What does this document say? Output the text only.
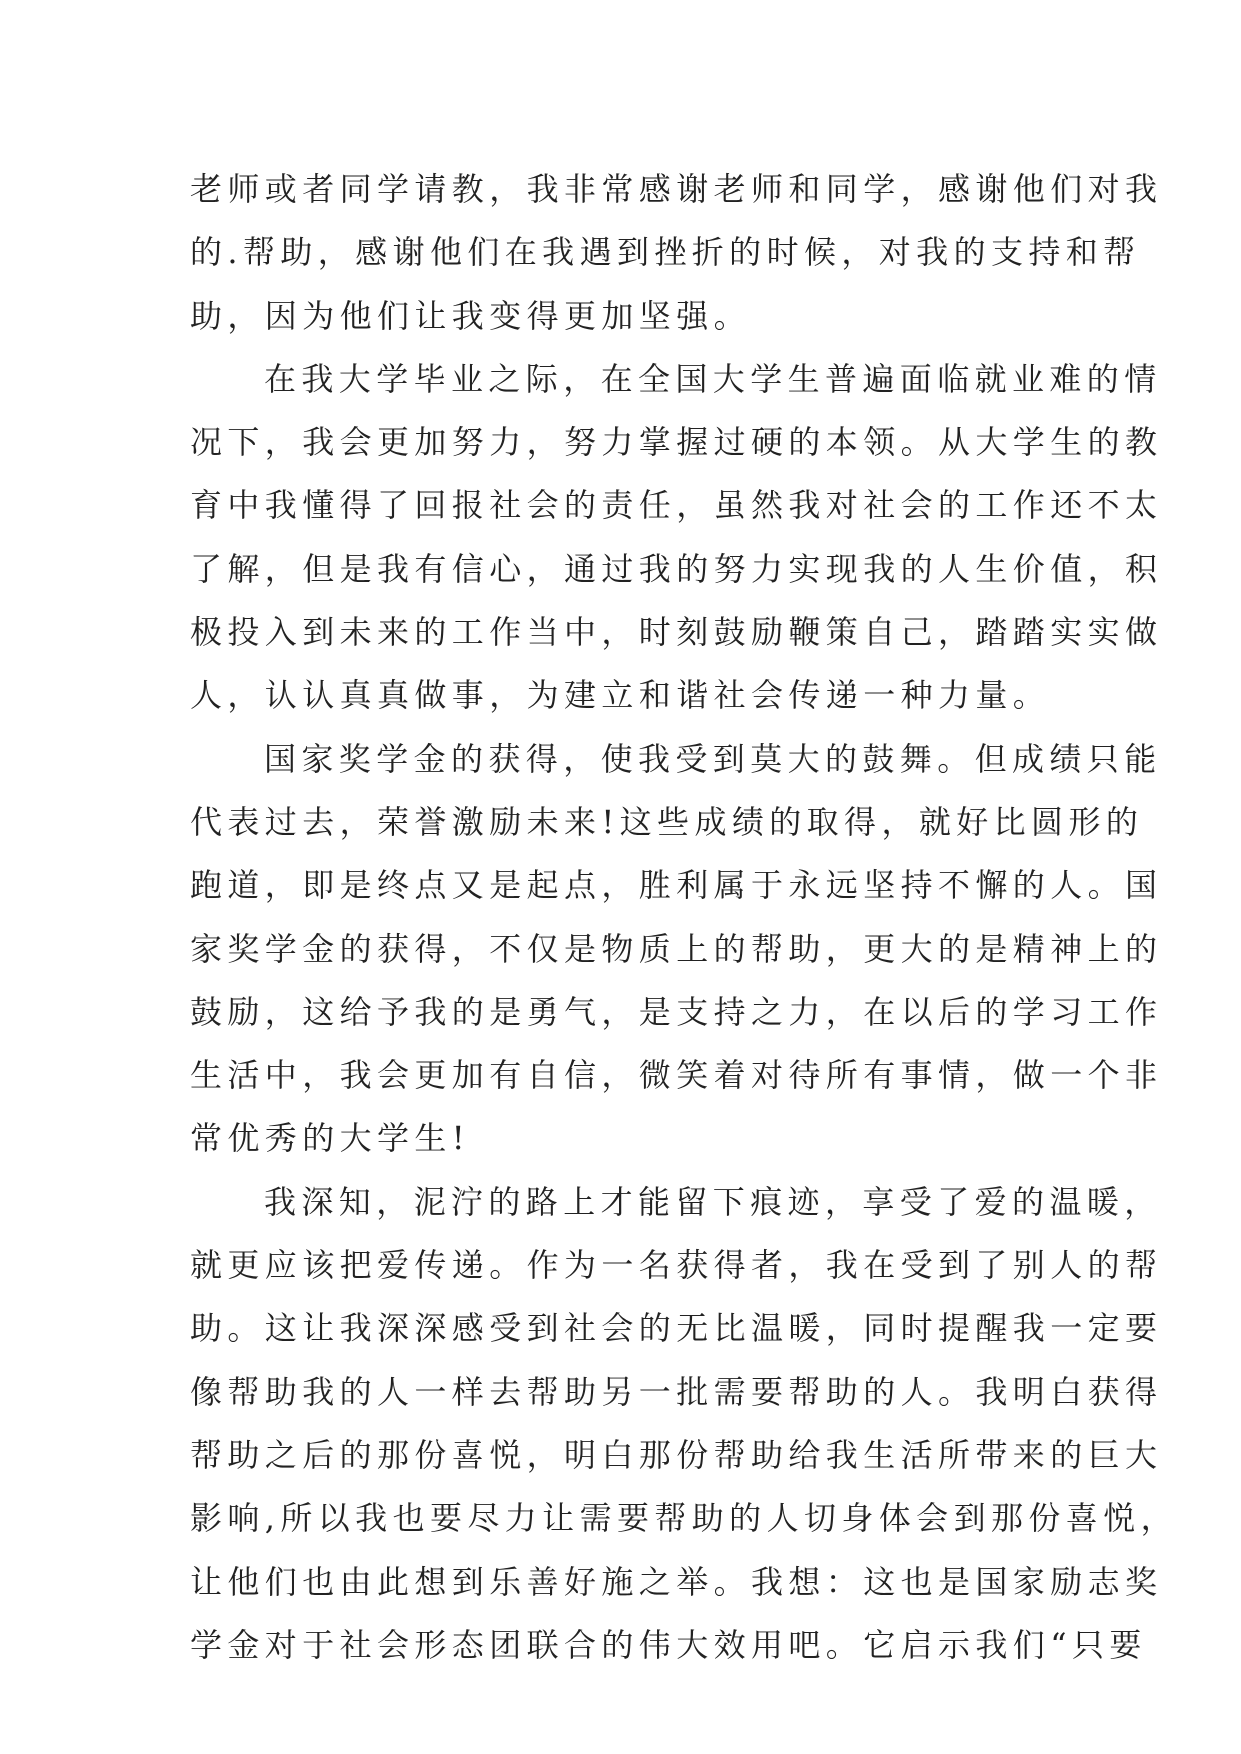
老师或者同学请教，我非常感谢老师和同学，感谢他们对我
的.帮助，感谢他们在我遇到挫折的时候，对我的支持和帮
助，因为他们让我变得更加坚强。
在我大学毕业之际，在全国大学生普遍面临就业难的情
况下，我会更加努力，努力掌握过硬的本领。从大学生的教
育中我懂得了回报社会的责任，虽然我对社会的工作还不太
了解，但是我有信心，通过我的努力实现我的人生价值，积
极投入到未来的工作当中，时刻鼓励鞭策自己，踏踏实实做
人，认认真真做事，为建立和谐社会传递一种力量。
国家奖学金的获得，使我受到莫大的鼓舞。但成绩只能
代表过去，荣誉激励未来!这些成绩的取得，就好比圆形的
跑道，即是终点又是起点，胜利属于永远坚持不懈的人。国
家奖学金的获得，不仅是物质上的帮助，更大的是精神上的
鼓励，这给予我的是勇气，是支持之力，在以后的学习工作
生活中，我会更加有自信，微笑着对待所有事情，做一个非
常优秀的大学生!
我深知，泥泞的路上才能留下痕迹，享受了爱的温暖，
就更应该把爱传递。作为一名获得者，我在受到了别人的帮
助。这让我深深感受到社会的无比温暖，同时提醒我一定要
像帮助我的人一样去帮助另一批需要帮助的人。我明白获得
帮助之后的那份喜悦，明白那份帮助给我生活所带来的巨大
影响,所以我也要尽力让需要帮助的人切身体会到那份喜悦，
让他们也由此想到乐善好施之举。我想：这也是国家励志奖
学金对于社会形态团联合的伟大效用吧。它启示我们“只要
